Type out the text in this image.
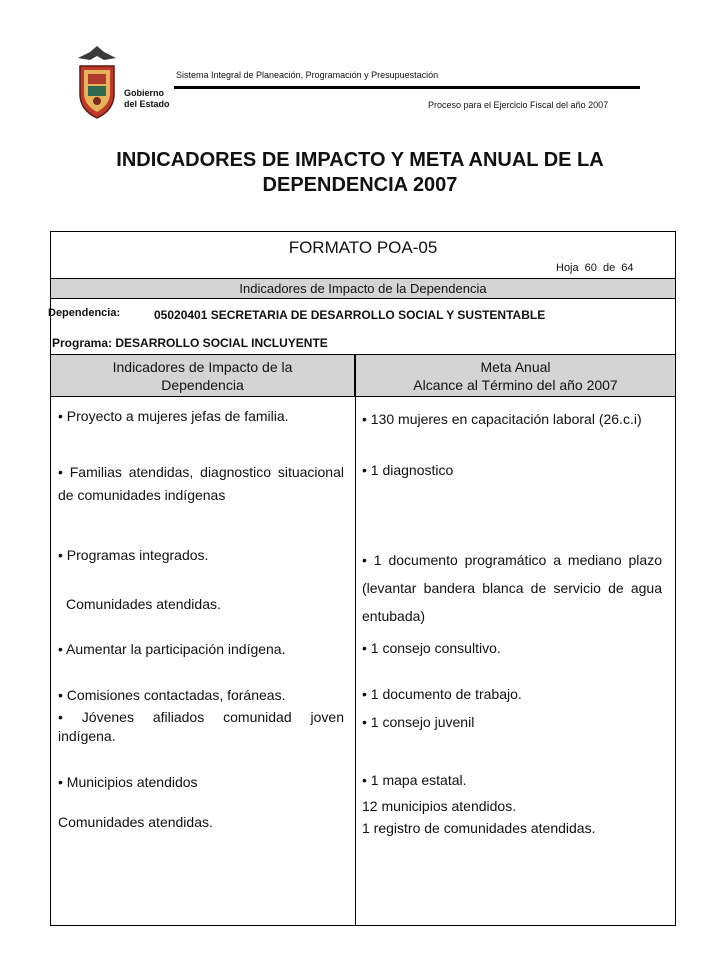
Gobierno
del Estado
Sistema Integral de Planeación, Programación y Presupuestación
Proceso para el Ejercicio Fiscal del año 2007
INDICADORES DE IMPACTO Y META ANUAL DE LA
DEPENDENCIA 2007
FORMATO POA-05
Hoja 60 de 64
Indicadores de Impacto de la Dependencia
Dependencia:	05020401 SECRETARIA DE DESARROLLO SOCIAL Y SUSTENTABLE
Programa: DESARROLLO SOCIAL INCLUYENTE
Indicadores de Impacto de la
Dependencia
Meta Anual
Alcance al Término del año 2007
• Proyecto a mujeres jefas de familia.
• Familias atendidas, diagnostico situacional de comunidades indígenas
• Programas integrados.
Comunidades atendidas.
• Aumentar la participación indígena.
• Comisiones contactadas, foráneas.
• Jóvenes afiliados comunidad joven indígena.
• Municipios atendidos
Comunidades atendidas.
• 130 mujeres en capacitación laboral (26.c.i)
• 1 diagnostico
• 1 documento programático a mediano plazo (levantar bandera blanca de servicio de agua entubada)
• 1 consejo consultivo.
• 1 documento de trabajo.
• 1 consejo juvenil
• 1 mapa estatal.
12 municipios atendidos.
1 registro de comunidades atendidas.
